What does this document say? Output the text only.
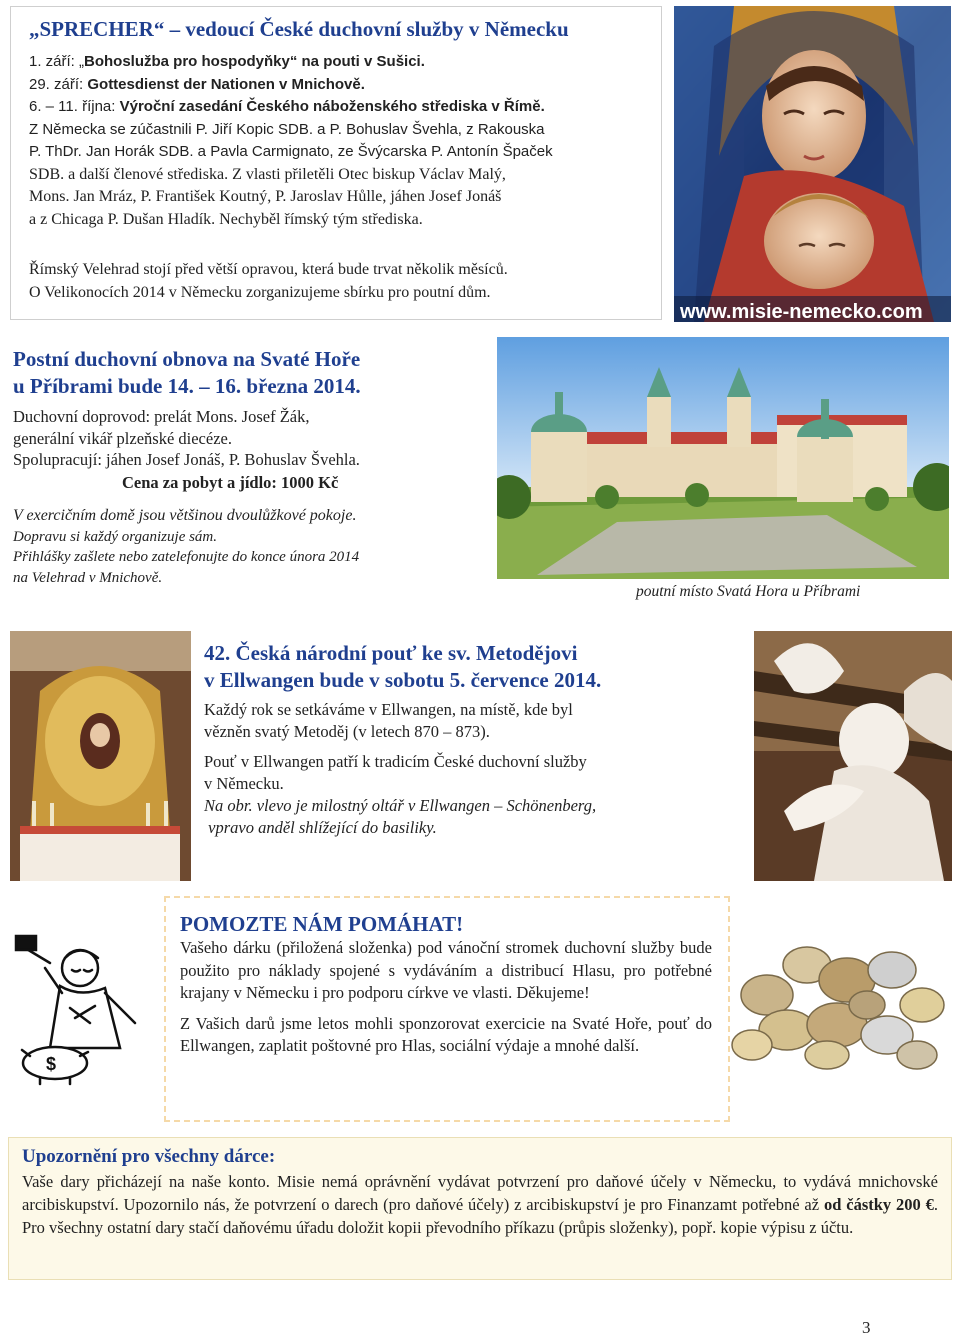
„SPRECHER“ – vedoucí České duchovní služby v Německu
1. září: „Bohoslužba pro hospodyňky“ na pouti v Sušici.
29. září: Gottesdienst der Nationen v Mnichově.
6. – 11. října: Výroční zasedání Českého náboženského střediska v Římě.
Z Německa se zúčastnili P. Jiří Kopic SDB. a P. Bohuslav Švehla, z Rakouska
P. ThDr. Jan Horák SDB. a Pavla Carmignato, ze Švýcarska P. Antonín Špaček
SDB. a další členové střediska. Z vlasti přiletěli Otec biskup Václav Malý,
Mons. Jan Mráz, P. František Koutný, P. Jaroslav Hůlle, jáhen Josef Jonáš
a z Chicaga P. Dušan Hladík. Nechyběl římský tým střediska.
Římský Velehrad stojí před větší opravou, která bude trvat několik měsíců.
O Velikonocích 2014 v Německu zorganizujeme sbírku pro poutní dům.
www.misie-nemecko.com
Postní duchovní obnova na Svaté Hoře
u Příbrami bude 14. – 16. března 2014.
Duchovní doprovod: prelát Mons. Josef Žák,
generální vikář plzeňské diecéze.
Spolupracují: jáhen Josef Jonáš, P. Bohuslav Švehla.
Cena za pobyt a jídlo: 1000 Kč
V exercičním domě jsou většinou dvoulůžkové pokoje.
Dopravu si každý organizuje sám.
Přihlášky zašlete nebo zatelefonujte do konce února 2014
na Velehrad v Mnichově.
poutní místo Svatá Hora u Příbrami
42. Česká národní pouť ke sv. Metodějovi
v Ellwangen bude v sobotu 5. července 2014.
Každý rok se setkáváme v Ellwangen, na místě, kde byl
vězněn svatý Metoděj (v letech 870 – 873).
Pouť v Ellwangen patří k tradicím České duchovní služby
v Německu.
Na obr. vlevo je milostný oltář v Ellwangen – Schönenberg,
vpravo anděl shlížející do basiliky.
POMOZTE NÁM POMÁHAT!

Vašeho dárku (přiložená složenka) pod vánoční stromek duchovní služby bude použito pro náklady spojené s vydáváním a distribucí Hlasu, pro potřebné krajany v Německu i pro podporu církve ve vlasti. Děkujeme!

Z Vašich darů jsme letos mohli sponzorovat exercicie na Svaté Hoře, pouť do Ellwangen, zaplatit poštovné pro Hlas, sociální výdaje a mnohé další.

$
Upozornění pro všechny dárce:
Vaše dary přicházejí na naše konto. Misie nemá oprávnění vydávat potvrzení pro daňové účely v Německu, to vydává mnichovské arcibiskupství. Upozornilo nás, že potvrzení o darech (pro daňové účely) z arcibiskupství je pro Finanzamt potřebné až od částky 200 €. Pro všechny ostatní dary stačí daňovému úřadu doložit kopii převodního příkazu (průpis složenky), popř. kopie výpisu z účtu.
3
